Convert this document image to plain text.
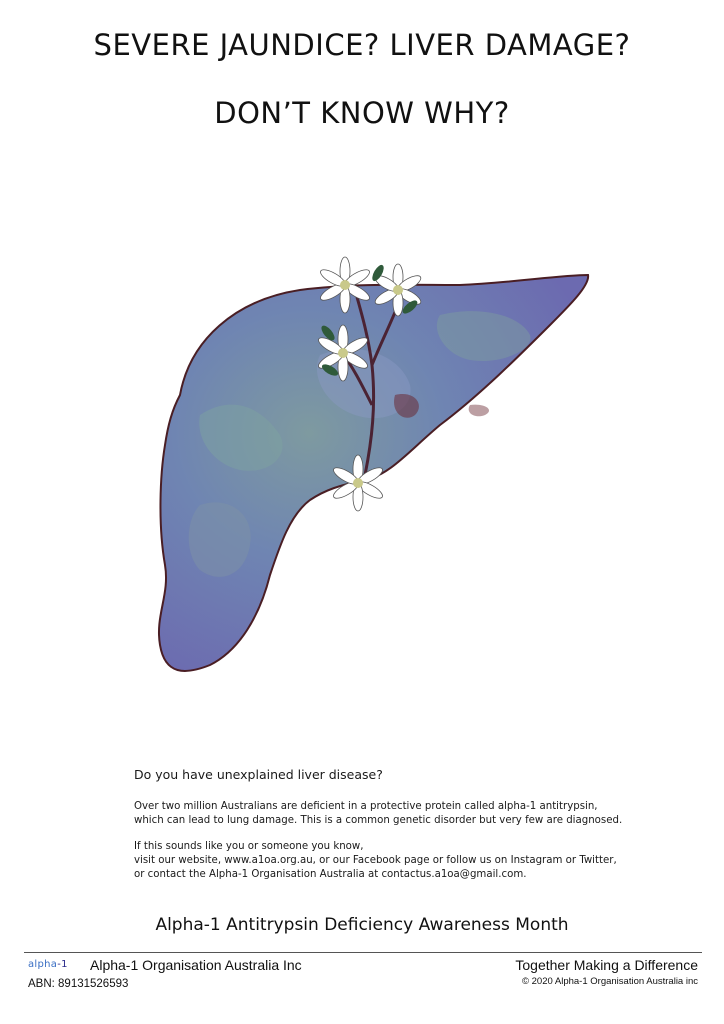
SEVERE JAUNDICE? LIVER DAMAGE?
DON’T KNOW WHY?
Do you have unexplained liver disease?
Over two million Australians are deficient in a protective protein called alpha-1 antitrypsin,
which can lead to lung damage. This is a common genetic disorder but very few are diagnosed.
If this sounds like you or someone you know,
visit our website, www.a1oa.org.au, or our Facebook page or follow us on Instagram or Twitter,
or contact the Alpha-1 Organisation Australia at contactus.a1oa@gmail.com.
Alpha-1 Antitrypsin Deficiency Awareness Month
alpha-1 Alpha-1 Organisation Australia Inc
ABN: 89131526593
Together Making a Difference
© 2020 Alpha-1 Organisation Australia inc
